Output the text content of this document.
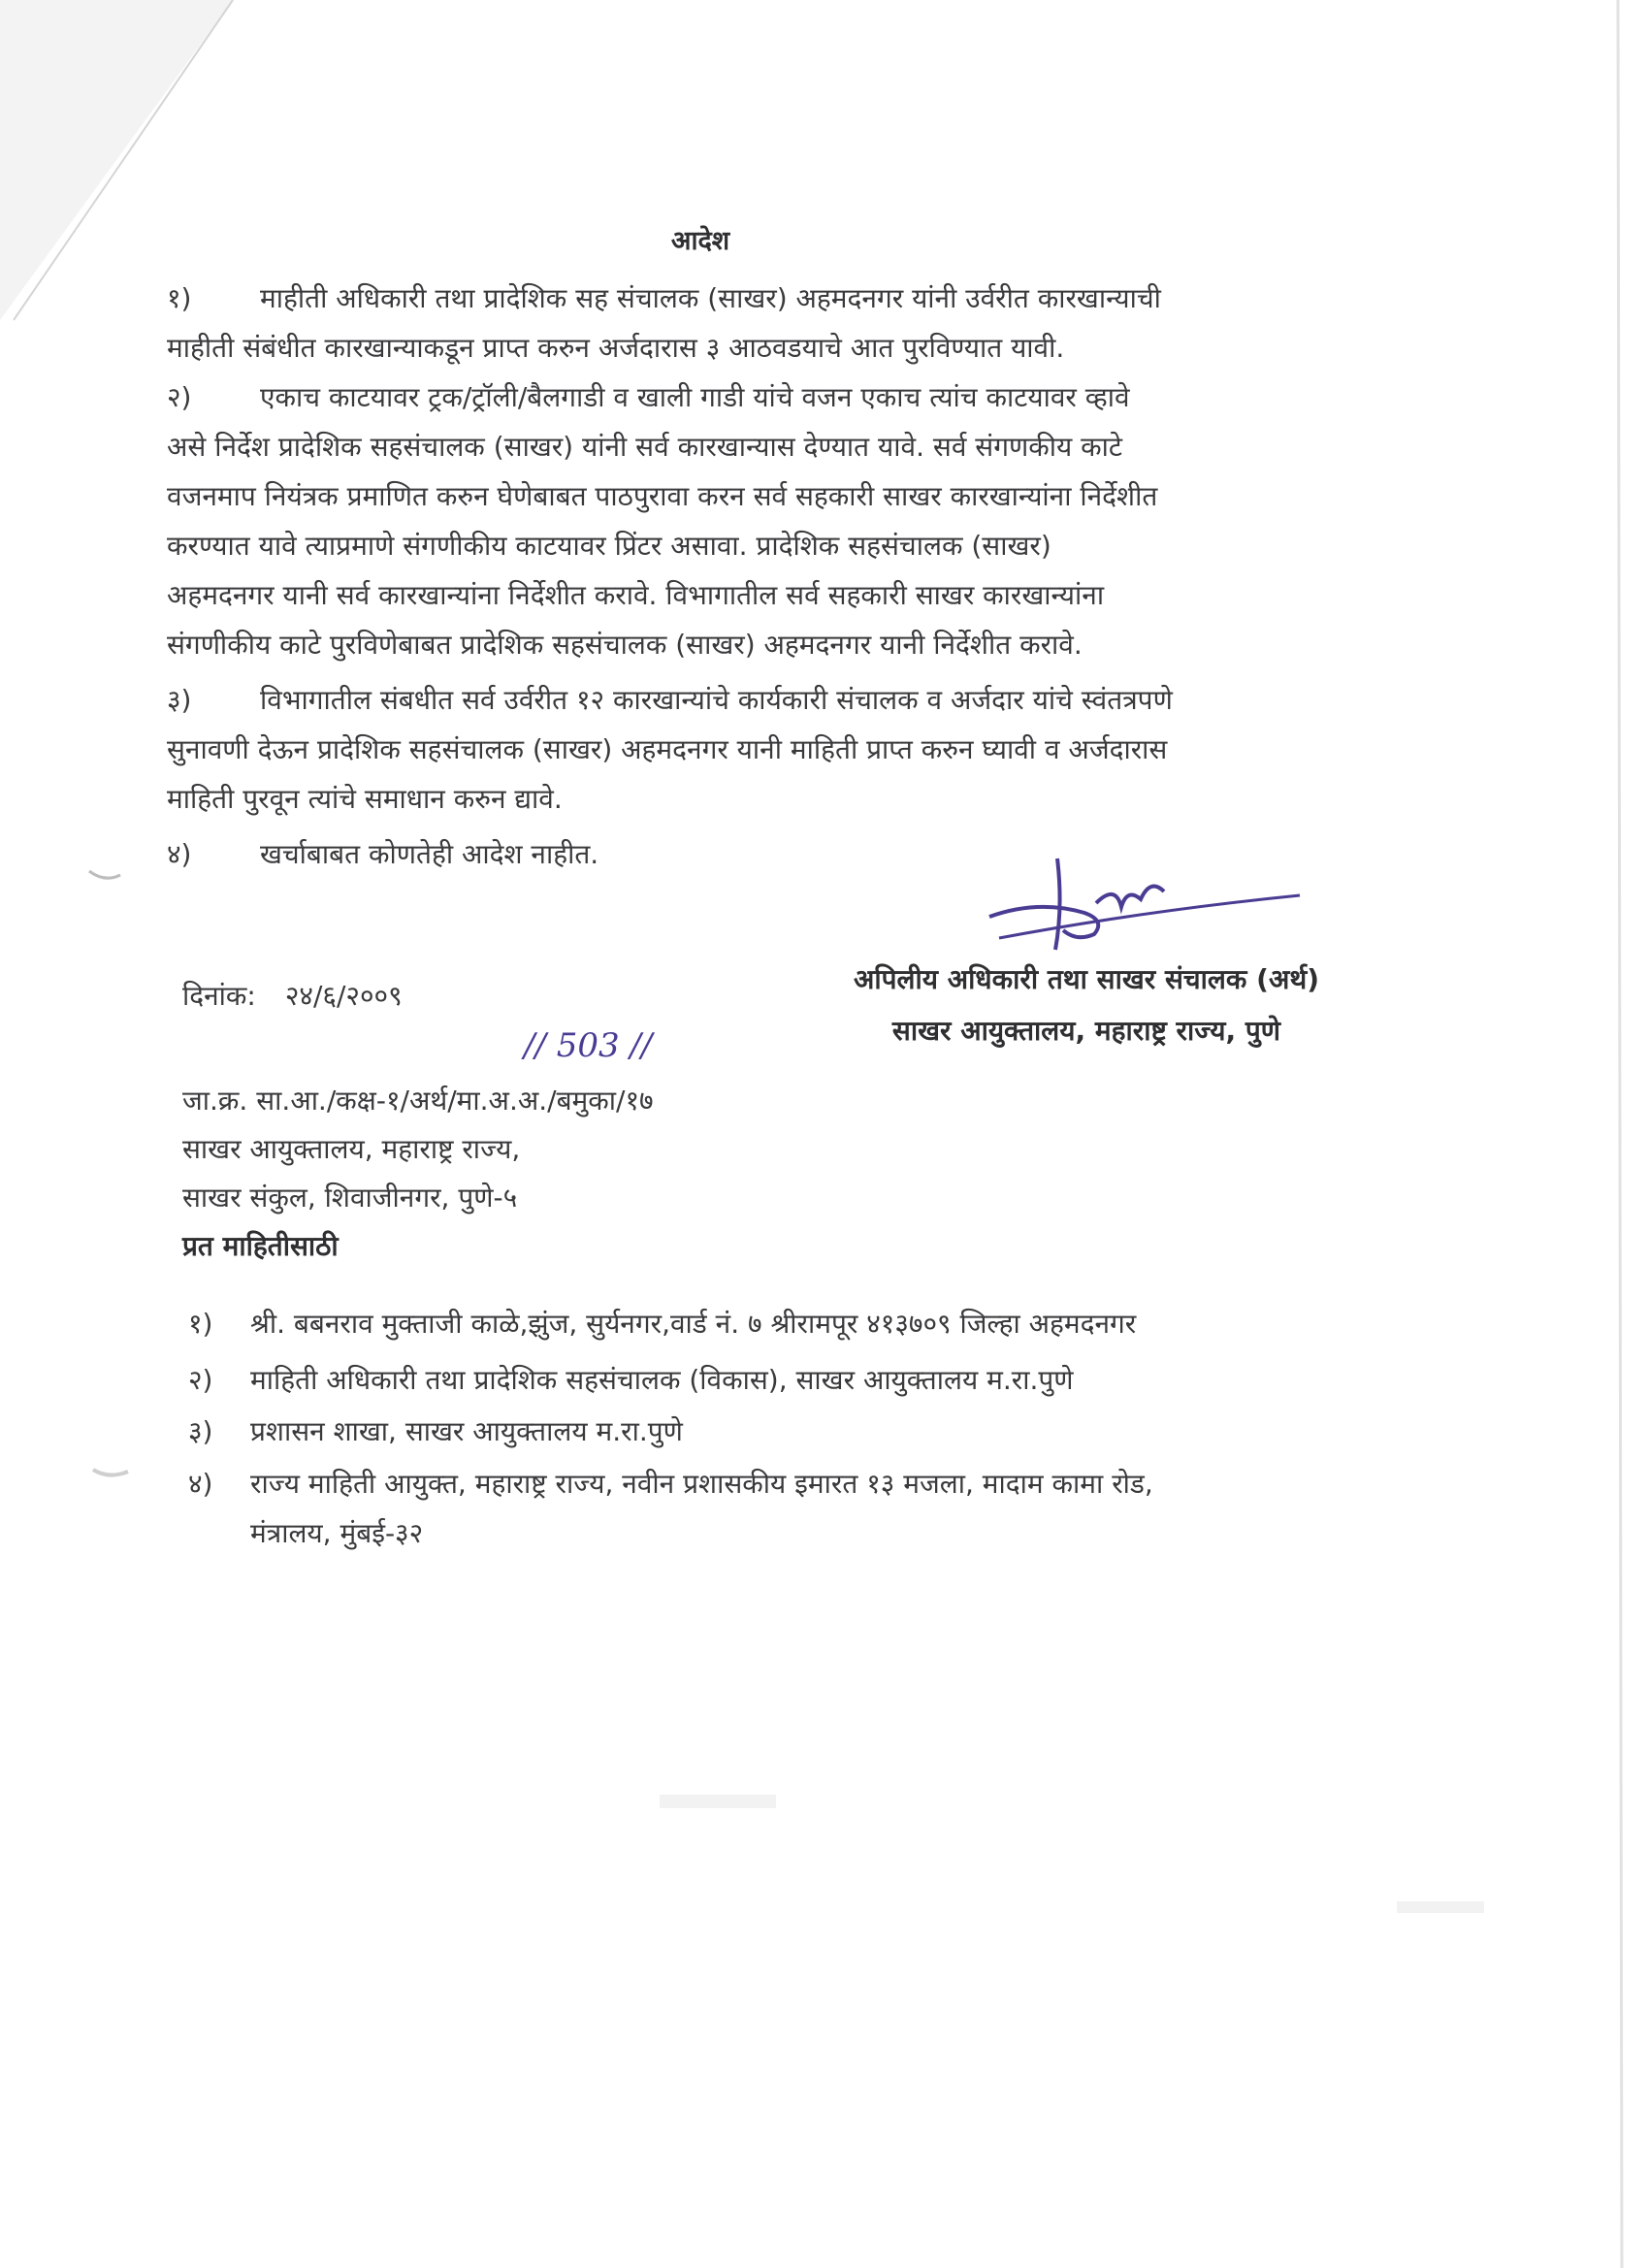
आदेश
१)	माहीती अधिकारी तथा प्रादेशिक सह संचालक (साखर) अहमदनगर यांनी उर्वरीत कारखान्याची
माहीती संबंधीत कारखान्याकडून प्राप्त करुन अर्जदारास ३ आठवडयाचे आत पुरविण्यात यावी.
२)	एकाच काटयावर ट्रक/ट्रॉली/बैलगाडी व खाली गाडी यांचे वजन एकाच त्यांच काटयावर व्हावे
असे निर्देश प्रादेशिक सहसंचालक (साखर) यांनी सर्व कारखान्यास देण्यात यावे. सर्व संगणकीय काटे
वजनमाप नियंत्रक प्रमाणित करुन घेणेबाबत पाठपुरावा करन सर्व सहकारी साखर कारखान्यांना निर्देशीत
करण्यात यावे त्याप्रमाणे संगणीकीय काटयावर प्रिंटर असावा. प्रादेशिक सहसंचालक (साखर)
अहमदनगर यानी सर्व कारखान्यांना निर्देशीत करावे. विभागातील सर्व सहकारी साखर कारखान्यांना
संगणीकीय काटे पुरविणेबाबत प्रादेशिक सहसंचालक (साखर) अहमदनगर यानी निर्देशीत करावे.
३)	विभागातील संबधीत सर्व उर्वरीत १२ कारखान्यांचे कार्यकारी संचालक व अर्जदार यांचे स्वंतत्रपणे
सुनावणी देऊन प्रादेशिक सहसंचालक (साखर) अहमदनगर यानी माहिती प्राप्त करुन घ्यावी व अर्जदारास
माहिती पुरवून त्यांचे समाधान करुन द्यावे.
४)	खर्चाबाबत कोणतेही आदेश नाहीत.
अपिलीय अधिकारी तथा साखर संचालक (अर्थ)
साखर आयुक्तालय, महाराष्ट्र राज्य, पुणे
दिनांक: २४/६/२००९
// 503 //
जा.क्र. सा.आ./कक्ष-१/अर्थ/मा.अ.अ./बमुका/१७
साखर आयुक्तालय, महाराष्ट्र राज्य,
साखर संकुल, शिवाजीनगर, पुणे-५
प्रत माहितीसाठी
१) श्री. बबनराव मुक्ताजी काळे,झुंज, सुर्यनगर,वार्ड नं. ७ श्रीरामपूर ४१३७०९ जिल्हा अहमदनगर
२) माहिती अधिकारी तथा प्रादेशिक सहसंचालक (विकास), साखर आयुक्तालय म.रा.पुणे
३) प्रशासन शाखा, साखर आयुक्तालय म.रा.पुणे
४) राज्य माहिती आयुक्त, महाराष्ट्र राज्य, नवीन प्रशासकीय इमारत १३ मजला, मादाम कामा रोड,
मंत्रालय, मुंबई-३२
